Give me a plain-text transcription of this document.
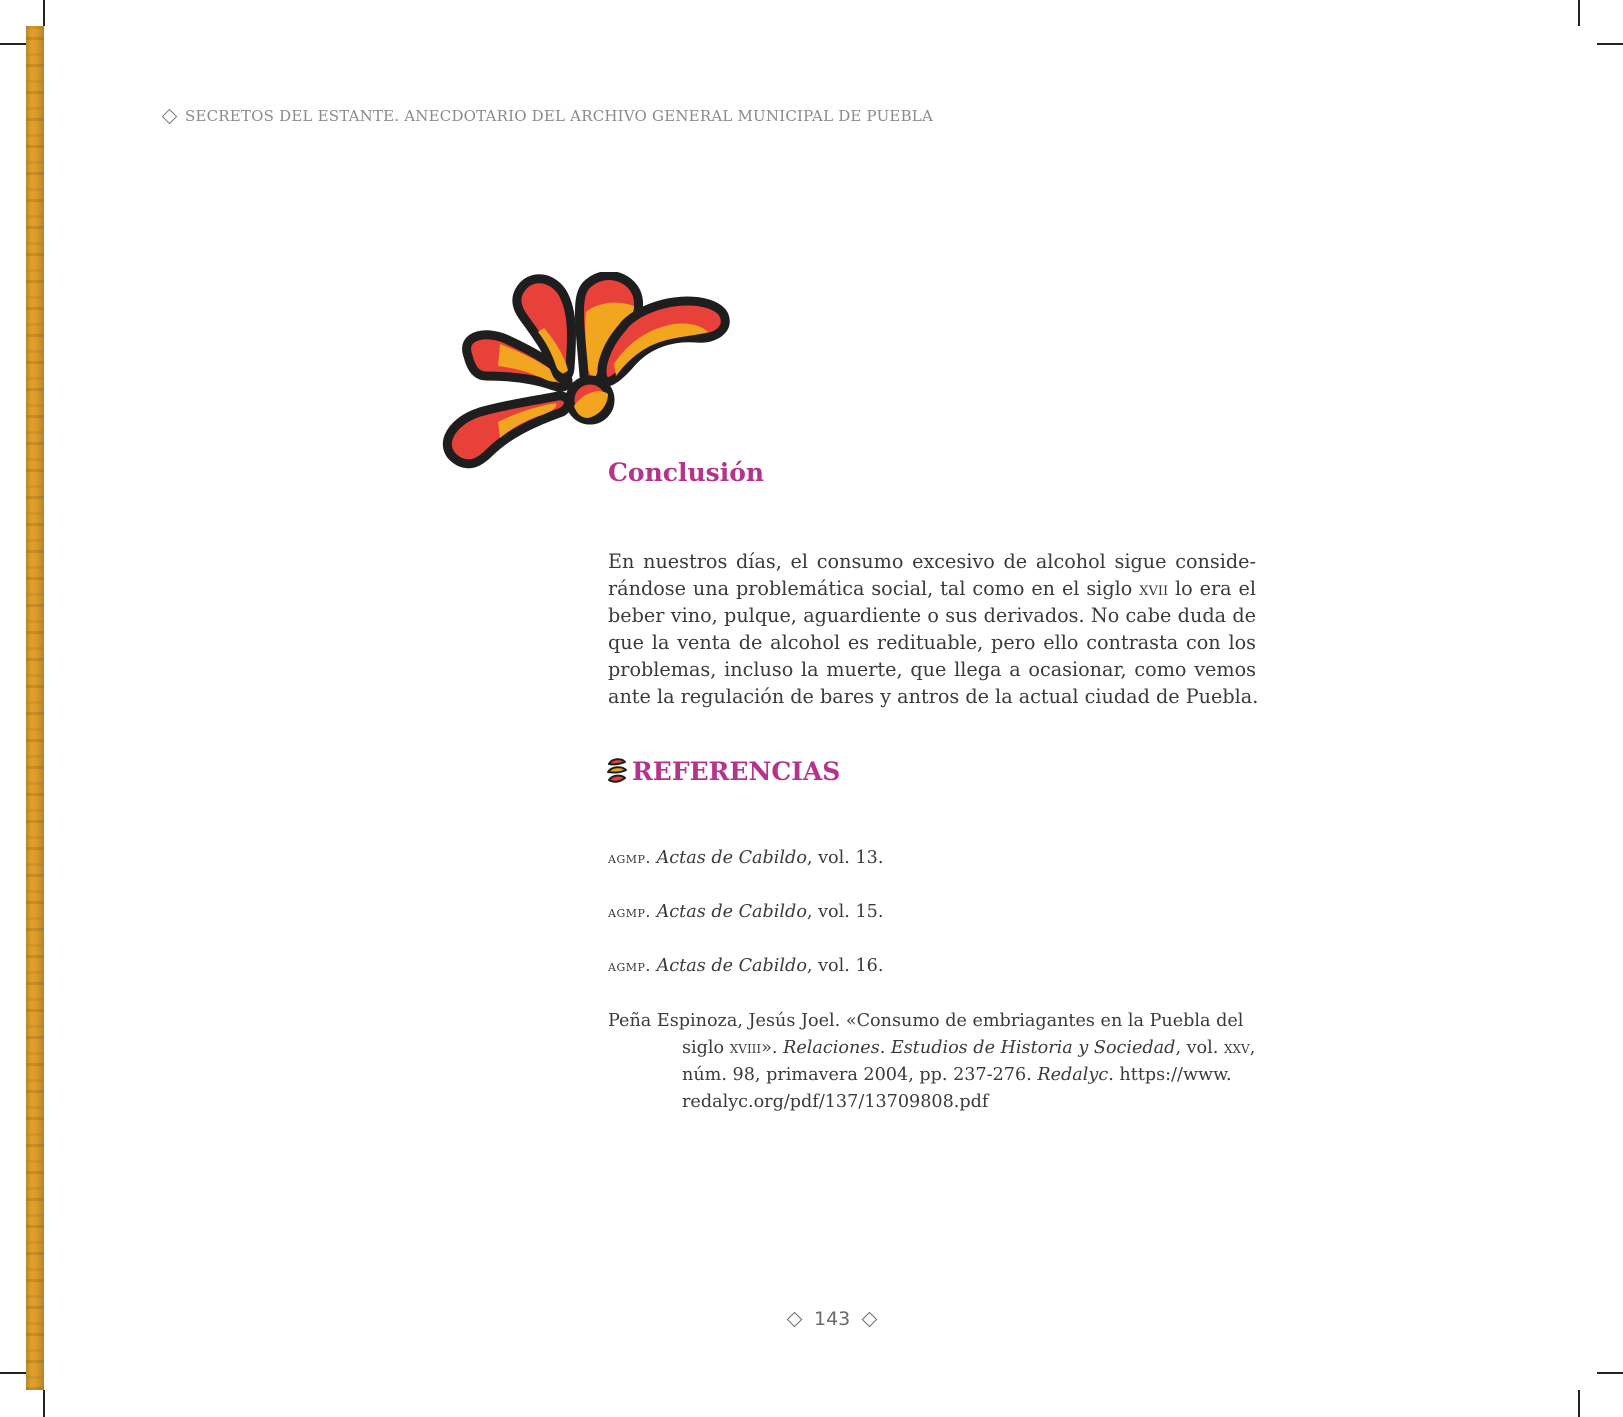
SECRETOS DEL ESTANTE. ANECDOTARIO DEL ARCHIVO GENERAL MUNICIPAL DE PUEBLA
Conclusión

En nuestros días, el consumo excesivo de alcohol sigue conside-
rándose una problemática social, tal como en el siglo xvii lo era el
beber vino, pulque, aguardiente o sus derivados. No cabe duda de
que la venta de alcohol es redituable, pero ello contrasta con los
problemas, incluso la muerte, que llega a ocasionar, como vemos
ante la regulación de bares y antros de la actual ciudad de Puebla.

REFERENCIAS
agmp. Actas de Cabildo, vol. 13.
agmp. Actas de Cabildo, vol. 15.
agmp. Actas de Cabildo, vol. 16.
Peña Espinoza, Jesús Joel. «Consumo de embriagantes en la Puebla del
siglo xviii». Relaciones. Estudios de Historia y Sociedad, vol. xxv,
núm. 98, primavera 2004, pp. 237-276. Redalyc. https://www.
redalyc.org/pdf/137/13709808.pdf
143
